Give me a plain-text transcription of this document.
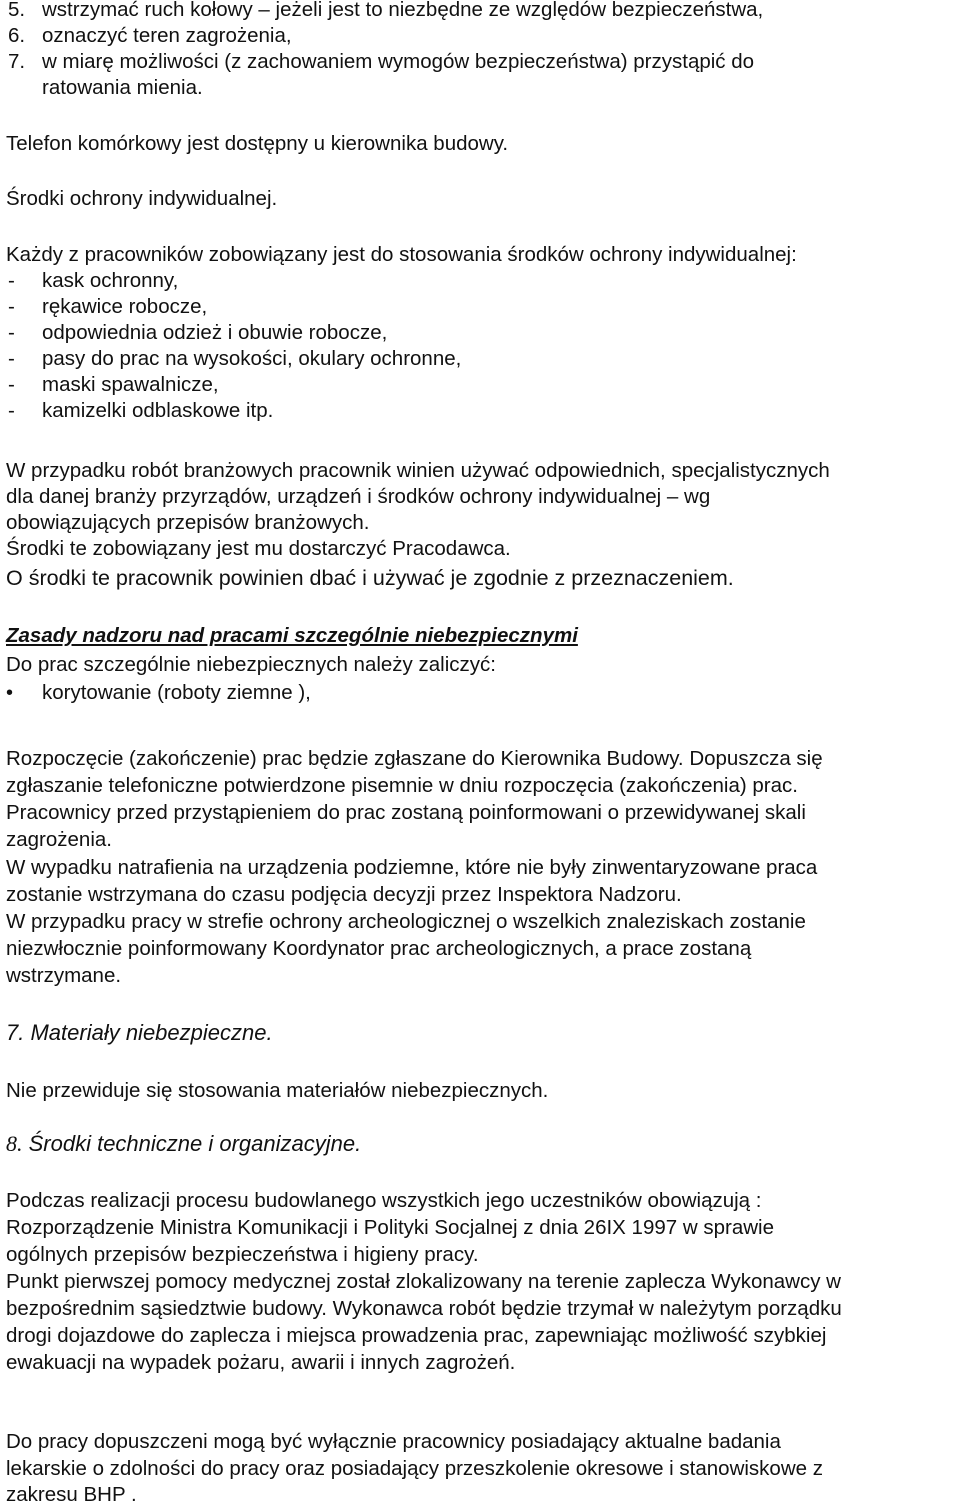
5. wstrzymać ruch kołowy – jeżeli jest to niezbędne ze względów bezpieczeństwa,
6. oznaczyć teren zagrożenia,
7. w miarę możliwości (z zachowaniem wymogów bezpieczeństwa) przystąpić do
ratowania mienia.
Telefon komórkowy jest dostępny u kierownika budowy.
Środki ochrony indywidualnej.
Każdy z pracowników zobowiązany jest do stosowania środków ochrony indywidualnej:
- kask ochronny,
- rękawice robocze,
- odpowiednia odzież i obuwie robocze,
- pasy do prac na wysokości, okulary ochronne,
- maski spawalnicze,
- kamizelki odblaskowe itp.
W przypadku robót branżowych pracownik winien używać odpowiednich, specjalistycznych
dla danej branży przyrządów, urządzeń i środków ochrony indywidualnej – wg
obowiązujących przepisów branżowych.
Środki te zobowiązany jest mu dostarczyć Pracodawca.
O środki te pracownik powinien dbać i używać je zgodnie z przeznaczeniem.
Zasady nadzoru nad pracami szczególnie niebezpiecznymi
Do prac szczególnie niebezpiecznych należy zaliczyć:
• korytowanie (roboty ziemne ),
Rozpoczęcie (zakończenie) prac będzie zgłaszane do Kierownika Budowy. Dopuszcza się
zgłaszanie telefoniczne potwierdzone pisemnie w dniu rozpoczęcia (zakończenia) prac.
Pracownicy przed przystąpieniem do prac zostaną poinformowani o przewidywanej skali
zagrożenia.
W wypadku natrafienia na urządzenia podziemne, które nie były zinwentaryzowane praca
zostanie wstrzymana do czasu podjęcia decyzji przez Inspektora Nadzoru.
W przypadku pracy w strefie ochrony archeologicznej o wszelkich znaleziskach zostanie
niezwłocznie poinformowany Koordynator prac archeologicznych, a prace zostaną
wstrzymane.
7. Materiały niebezpieczne.
Nie przewiduje się stosowania materiałów niebezpiecznych.
8. Środki techniczne i organizacyjne.
Podczas realizacji procesu budowlanego wszystkich jego uczestników obowiązują :
Rozporządzenie Ministra Komunikacji i Polityki Socjalnej z dnia 26IX 1997 w sprawie
ogólnych przepisów bezpieczeństwa i higieny pracy.
Punkt pierwszej pomocy medycznej został zlokalizowany na terenie zaplecza Wykonawcy w
bezpośrednim sąsiedztwie budowy. Wykonawca robót będzie trzymał w należytym porządku
drogi dojazdowe do zaplecza i miejsca prowadzenia prac, zapewniając możliwość szybkiej
ewakuacji na wypadek pożaru, awarii i innych zagrożeń.
Do pracy dopuszczeni mogą być wyłącznie pracownicy posiadający aktualne badania
lekarskie o zdolności do pracy oraz posiadający przeszkolenie okresowe i stanowiskowe z
zakresu BHP .
